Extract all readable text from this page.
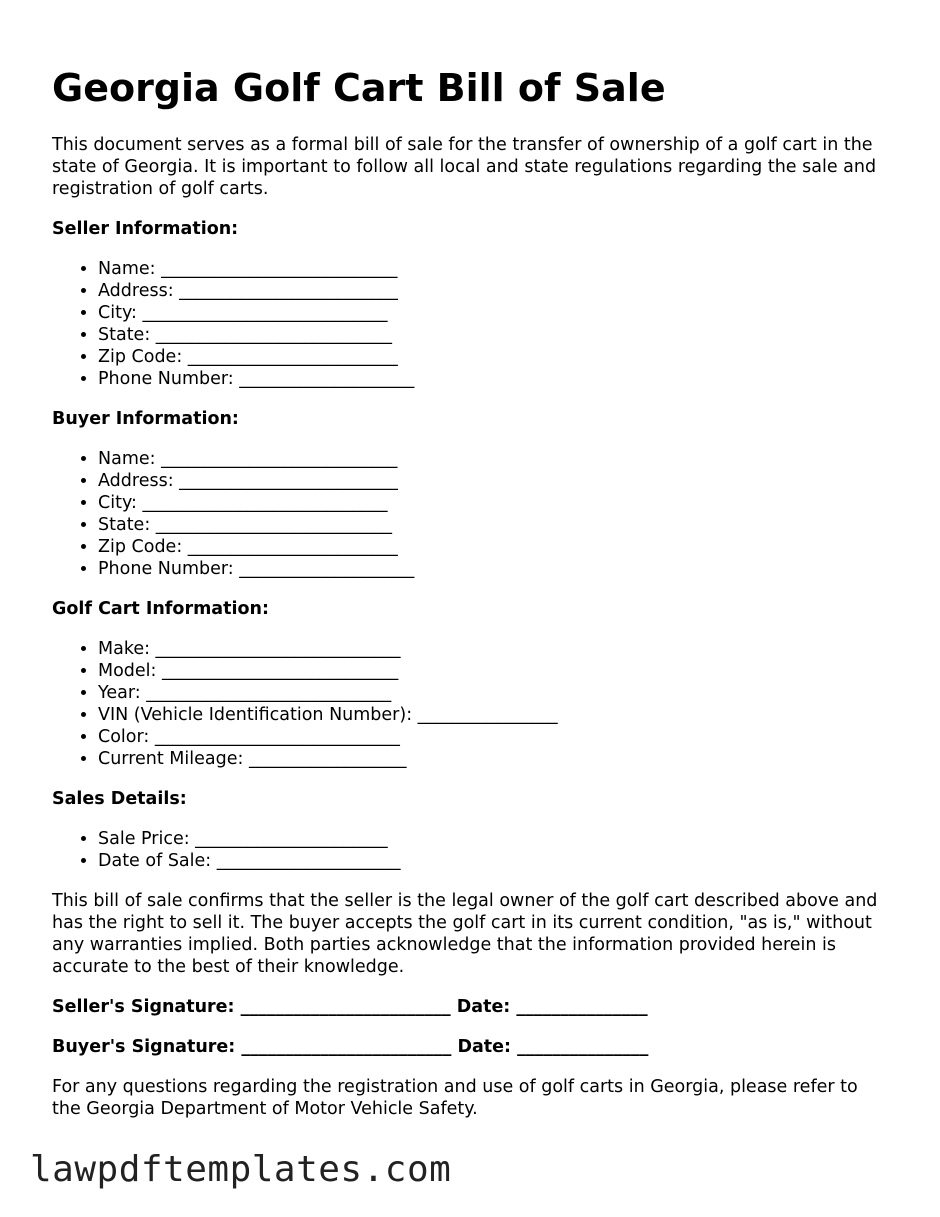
Georgia Golf Cart Bill of Sale

This document serves as a formal bill of sale for the transfer of ownership of a golf cart in the state of Georgia. It is important to follow all local and state regulations regarding the sale and registration of golf carts.

Seller Information:
• Name: ___________________________
• Address: _________________________
• City: ____________________________
• State: ___________________________
• Zip Code: ________________________
• Phone Number: ____________________
Buyer Information:
• Name: ___________________________
• Address: _________________________
• City: ____________________________
• State: ___________________________
• Zip Code: ________________________
• Phone Number: ____________________
Golf Cart Information:
• Make: ____________________________
• Model: ___________________________
• Year: ____________________________
• VIN (Vehicle Identification Number): ________________
• Color: ____________________________
• Current Mileage: __________________
Sales Details:
• Sale Price: ______________________
• Date of Sale: _____________________

This bill of sale confirms that the seller is the legal owner of the golf cart described above and has the right to sell it. The buyer accepts the golf cart in its current condition, "as is," without any warranties implied. Both parties acknowledge that the information provided herein is accurate to the best of their knowledge.

Seller's Signature: ________________________ Date: _______________
Buyer's Signature: ________________________ Date: _______________

For any questions regarding the registration and use of golf carts in Georgia, please refer to the Georgia Department of Motor Vehicle Safety.

lawpdftemplates.com
